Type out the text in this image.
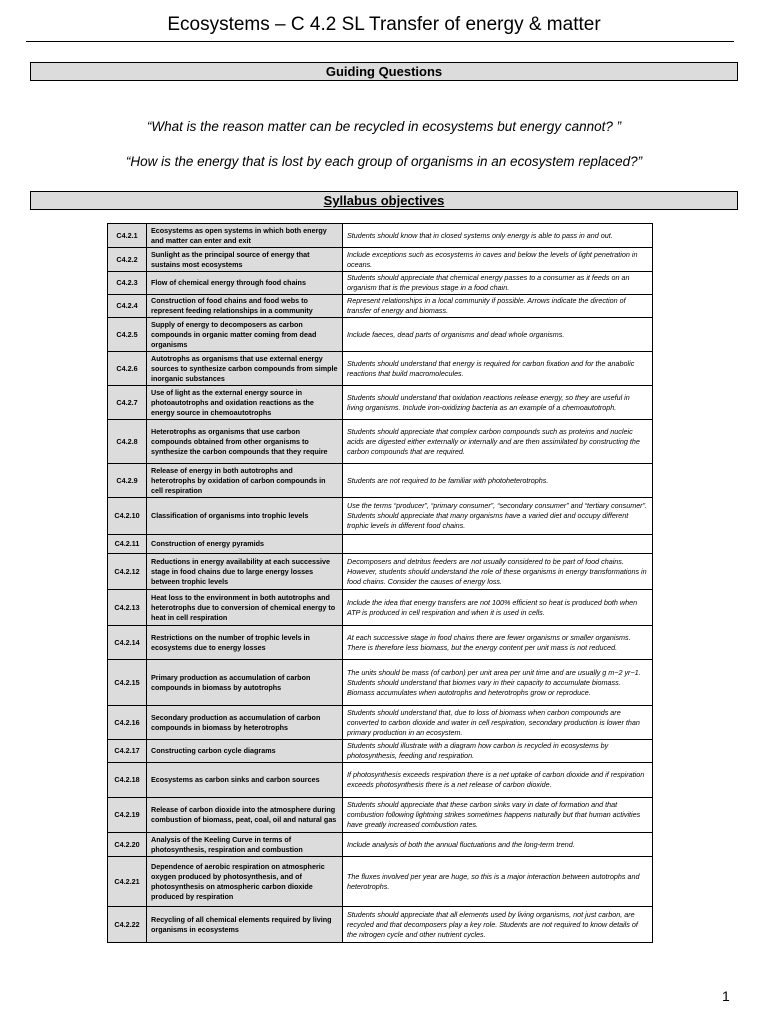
Ecosystems – C 4.2 SL Transfer of energy & matter
Guiding Questions
“What is the reason matter can be recycled in ecosystems but energy cannot? ”
“How is the energy that is lost by each group of organisms in an ecosystem replaced?”
Syllabus objectives
C4.2.1	Ecosystems as open systems in which both energy and matter can enter and exit	Students should know that in closed systems only energy is able to pass in and out.
C4.2.2	Sunlight as the principal source of energy that sustains most ecosystems	Include exceptions such as ecosystems in caves and below the levels of light penetration in oceans.
C4.2.3	Flow of chemical energy through food chains	Students should appreciate that chemical energy passes to a consumer as it feeds on an organism that is the previous stage in a food chain.
C4.2.4	Construction of food chains and food webs to represent feeding relationships in a community	Represent relationships in a local community if possible. Arrows indicate the direction of transfer of energy and biomass.
C4.2.5	Supply of energy to decomposers as carbon compounds in organic matter coming from dead organisms	Include faeces, dead parts of organisms and dead whole organisms.
C4.2.6	Autotrophs as organisms that use external energy sources to synthesize carbon compounds from simple inorganic substances	Students should understand that energy is required for carbon fixation and for the anabolic reactions that build macromolecules.
C4.2.7	Use of light as the external energy source in photoautotrophs and oxidation reactions as the energy source in chemoautotrophs	Students should understand that oxidation reactions release energy, so they are useful in living organisms. Include iron-oxidizing bacteria as an example of a chemoautotroph.
C4.2.8	Heterotrophs as organisms that use carbon compounds obtained from other organisms to synthesize the carbon compounds that they require	Students should appreciate that complex carbon compounds such as proteins and nucleic acids are digested either externally or internally and are then assimilated by constructing the carbon compounds that are required.
C4.2.9	Release of energy in both autotrophs and heterotrophs by oxidation of carbon compounds in cell respiration	Students are not required to be familiar with photoheterotrophs.
C4.2.10	Classification of organisms into trophic levels	Use the terms “producer”, “primary consumer”, “secondary consumer” and “tertiary consumer”. Students should appreciate that many organisms have a varied diet and occupy different trophic levels in different food chains.
C4.2.11	Construction of energy pyramids	
C4.2.12	Reductions in energy availability at each successive stage in food chains due to large energy losses between trophic levels	Decomposers and detritus feeders are not usually considered to be part of food chains. However, students should understand the role of these organisms in energy transformations in food chains. Consider the causes of energy loss.
C4.2.13	Heat loss to the environment in both autotrophs and heterotrophs due to conversion of chemical energy to heat in cell respiration	Include the idea that energy transfers are not 100% efficient so heat is produced both when ATP is produced in cell respiration and when it is used in cells.
C4.2.14	Restrictions on the number of trophic levels in ecosystems due to energy losses	At each successive stage in food chains there are fewer organisms or smaller organisms. There is therefore less biomass, but the energy content per unit mass is not reduced.
C4.2.15	Primary production as accumulation of carbon compounds in biomass by autotrophs	The units should be mass (of carbon) per unit area per unit time and are usually g m−2 yr−1. Students should understand that biomes vary in their capacity to accumulate biomass. Biomass accumulates when autotrophs and heterotrophs grow or reproduce.
C4.2.16	Secondary production as accumulation of carbon compounds in biomass by heterotrophs	Students should understand that, due to loss of biomass when carbon compounds are converted to carbon dioxide and water in cell respiration, secondary production is lower than primary production in an ecosystem.
C4.2.17	Constructing carbon cycle diagrams	Students should illustrate with a diagram how carbon is recycled in ecosystems by photosynthesis, feeding and respiration.
C4.2.18	Ecosystems as carbon sinks and carbon sources	If photosynthesis exceeds respiration there is a net uptake of carbon dioxide and if respiration exceeds photosynthesis there is a net release of carbon dioxide.
C4.2.19	Release of carbon dioxide into the atmosphere during combustion of biomass, peat, coal, oil and natural gas	Students should appreciate that these carbon sinks vary in date of formation and that combustion following lightning strikes sometimes happens naturally but that human activities have greatly increased combustion rates.
C4.2.20	Analysis of the Keeling Curve in terms of photosynthesis, respiration and combustion	Include analysis of both the annual fluctuations and the long-term trend.
C4.2.21	Dependence of aerobic respiration on atmospheric oxygen produced by photosynthesis, and of photosynthesis on atmospheric carbon dioxide produced by respiration	The fluxes involved per year are huge, so this is a major interaction between autotrophs and heterotrophs.
C4.2.22	Recycling of all chemical elements required by living organisms in ecosystems	Students should appreciate that all elements used by living organisms, not just carbon, are recycled and that decomposers play a key role. Students are not required to know details of the nitrogen cycle and other nutrient cycles.
1
